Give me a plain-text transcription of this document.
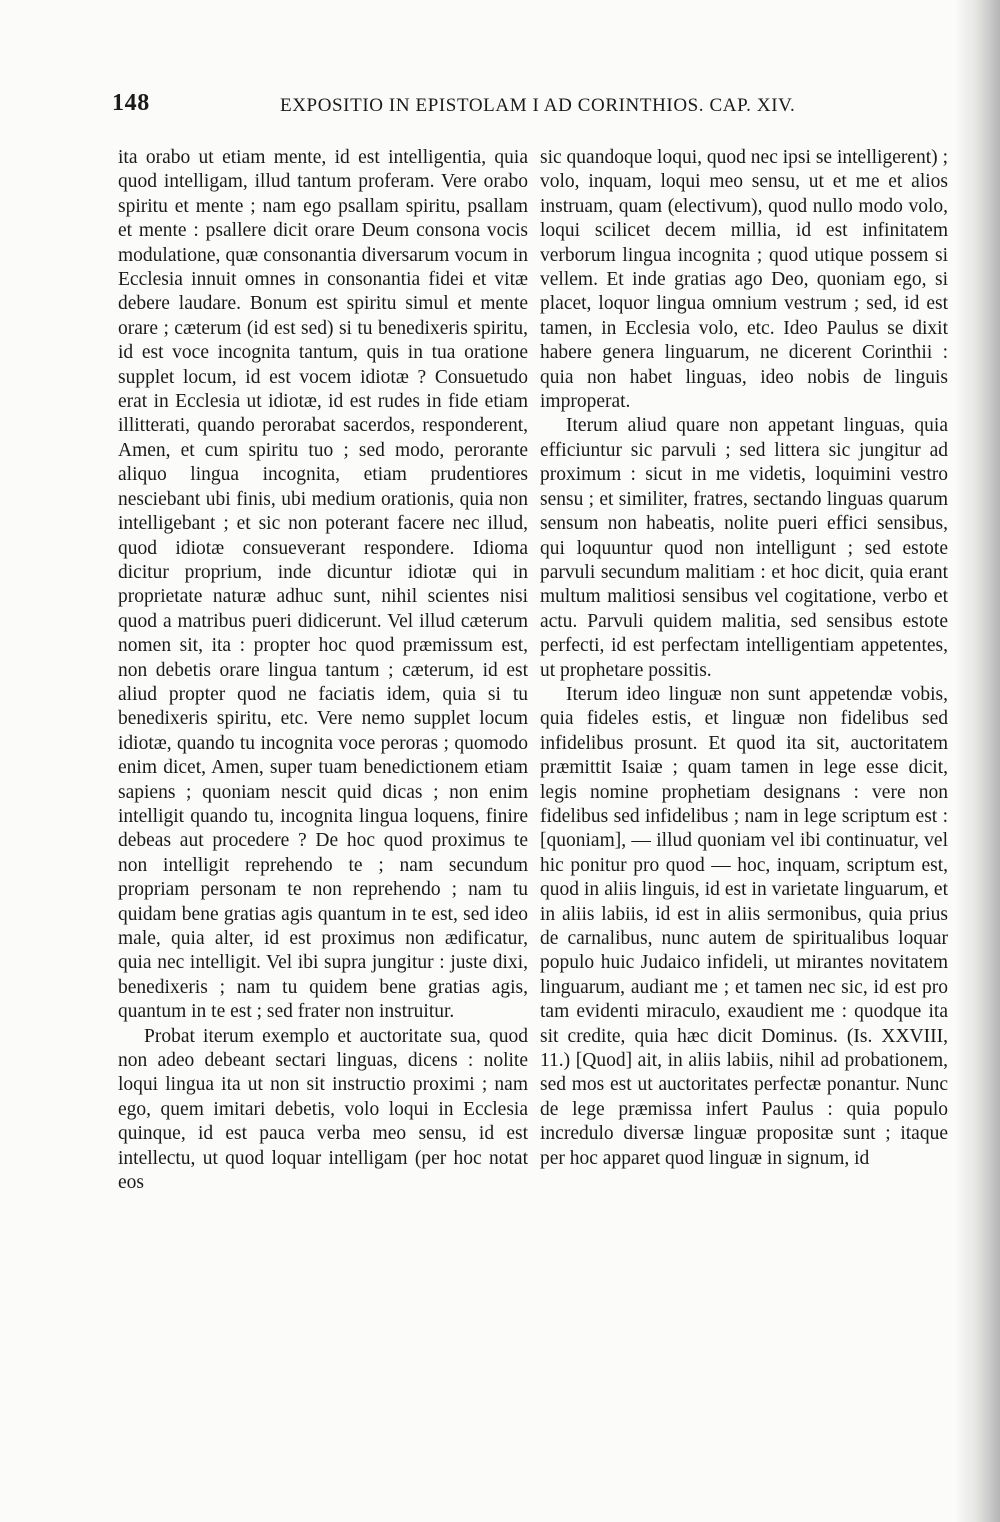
148	EXPOSITIO IN EPISTOLAM I AD CORINTHIOS. CAP. XIV.

ita orabo ut etiam mente, id est intelligentia, quia quod intelligam, illud tantum proferam. Vere orabo spiritu et mente ; nam ego psallam spiritu, psallam et mente : psallere dicit orare Deum consona vocis modulatione, quæ consonantia diversarum vocum in Ecclesia innuit omnes in consonantia fidei et vitæ debere laudare. Bonum est spiritu simul et mente orare ; cæterum (id est sed) si tu benedixeris spiritu, id est voce incognita tantum, quis in tua oratione supplet locum, id est vocem idiotæ ? Consuetudo erat in Ecclesia ut idiotæ, id est rudes in fide etiam illitterati, quando perorabat sacerdos, responderent, Amen, et cum spiritu tuo ; sed modo, perorante aliquo lingua incognita, etiam prudentiores nesciebant ubi finis, ubi medium orationis, quia non intelligebant ; et sic non poterant facere nec illud, quod idiotæ consueverant respondere. Idioma dicitur proprium, inde dicuntur idiotæ qui in proprietate naturæ adhuc sunt, nihil scientes nisi quod a matribus pueri didicerunt. Vel illud cæterum nomen sit, ita : propter hoc quod præmissum est, non debetis orare lingua tantum ; cæterum, id est aliud propter quod ne faciatis idem, quia si tu benedixeris spiritu, etc. Vere nemo supplet locum idiotæ, quando tu incognita voce peroras ; quomodo enim dicet, Amen, super tuam benedictionem etiam sapiens ; quoniam nescit quid dicas ; non enim intelligit quando tu, incognita lingua loquens, finire debeas aut procedere ? De hoc quod proximus te non intelligit reprehendo te ; nam secundum propriam personam te non reprehendo ; nam tu quidam bene gratias agis quantum in te est, sed ideo male, quia alter, id est proximus non ædificatur, quia nec intelligit. Vel ibi supra jungitur : juste dixi, benedixeris ; nam tu quidem bene gratias agis, quantum in te est ; sed frater non instruitur.

Probat iterum exemplo et auctoritate sua, quod non adeo debeant sectari linguas, dicens : nolite loqui lingua ita ut non sit instructio proximi ; nam ego, quem imitari debetis, volo loqui in Ecclesia quinque, id est pauca verba meo sensu, id est intellectu, ut quod loquar intelligam (per hoc notat eos

sic quandoque loqui, quod nec ipsi se intelligerent) ; volo, inquam, loqui meo sensu, ut et me et alios instruam, quam (electivum), quod nullo modo volo, loqui scilicet decem millia, id est infinitatem verborum lingua incognita ; quod utique possem si vellem. Et inde gratias ago Deo, quoniam ego, si placet, loquor lingua omnium vestrum ; sed, id est tamen, in Ecclesia volo, etc. Ideo Paulus se dixit habere genera linguarum, ne dicerent Corinthii : quia non habet linguas, ideo nobis de linguis improperat.

Iterum aliud quare non appetant linguas, quia efficiuntur sic parvuli ; sed littera sic jungitur ad proximum : sicut in me videtis, loquimini vestro sensu ; et similiter, fratres, sectando linguas quarum sensum non habeatis, nolite pueri effici sensibus, qui loquuntur quod non intelligunt ; sed estote parvuli secundum malitiam : et hoc dicit, quia erant multum malitiosi sensibus vel cogitatione, verbo et actu. Parvuli quidem malitia, sed sensibus estote perfecti, id est perfectam intelligentiam appetentes, ut prophetare possitis.

Iterum ideo linguæ non sunt appetendæ vobis, quia fideles estis, et linguæ non fidelibus sed infidelibus prosunt. Et quod ita sit, auctoritatem præmittit Isaiæ ; quam tamen in lege esse dicit, legis nomine prophetiam designans : vere non fidelibus sed infidelibus ; nam in lege scriptum est : [quoniam], — illud quoniam vel ibi continuatur, vel hic ponitur pro quod — hoc, inquam, scriptum est, quod in aliis linguis, id est in varietate linguarum, et in aliis labiis, id est in aliis sermonibus, quia prius de carnalibus, nunc autem de spiritualibus loquar populo huic Judaico infideli, ut mirantes novitatem linguarum, audiant me ; et tamen nec sic, id est pro tam evidenti miraculo, exaudient me : quodque ita sit credite, quia hæc dicit Dominus. (Is. XXVIII, 11.) [Quod] ait, in aliis labiis, nihil ad probationem, sed mos est ut auctoritates perfectæ ponantur. Nunc de lege præmissa infert Paulus : quia populo incredulo diversæ linguæ propositæ sunt ; itaque per hoc apparet quod linguæ in signum, id
